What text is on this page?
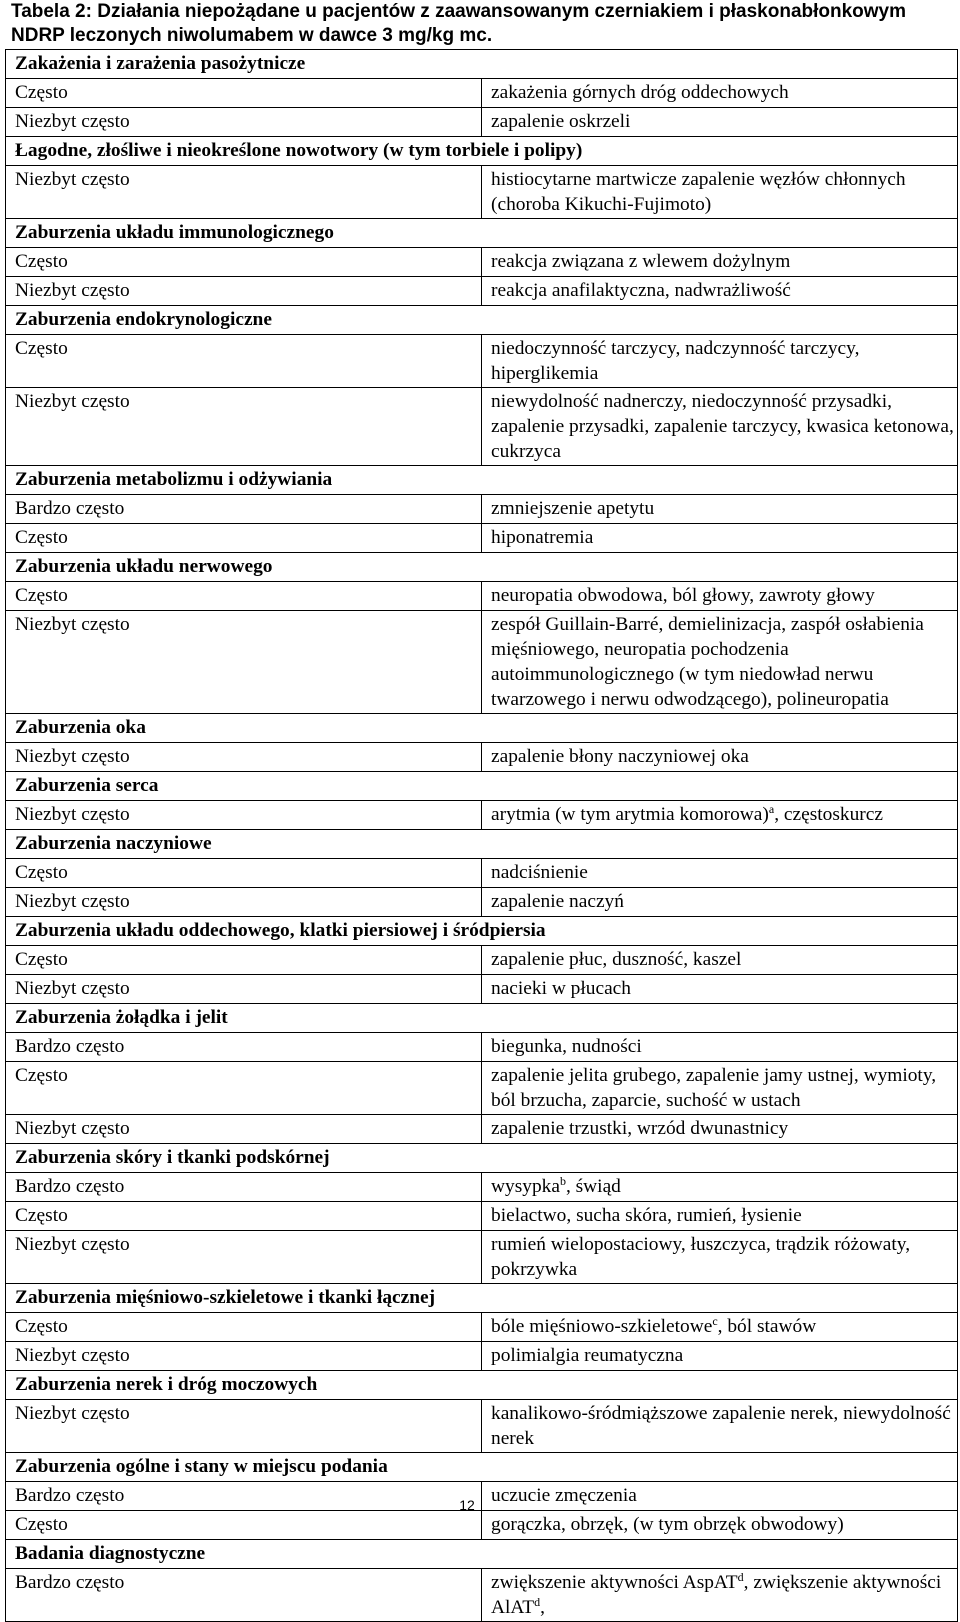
Tabela 2: Działania niepożądane u pacjentów z zaawansowanym czerniakiem i płaskonabłonkowym NDRP leczonych niwolumabem w dawce 3 mg/kg mc.
Zakażenia i zarażenia pasożytnicze	
Często	zakażenia górnych dróg oddechowych
Niezbyt często	zapalenie oskrzeli
Łagodne, złośliwe i nieokreślone nowotwory (w tym torbiele i polipy)	
Niezbyt często	histiocytarne martwicze zapalenie węzłów chłonnych (choroba Kikuchi-Fujimoto)
Zaburzenia układu immunologicznego	
Często	reakcja związana z wlewem dożylnym
Niezbyt często	reakcja anafilaktyczna, nadwrażliwość
Zaburzenia endokrynologiczne	
Często	niedoczynność tarczycy, nadczynność tarczycy, hiperglikemia
Niezbyt często	niewydolność nadnerczy, niedoczynność przysadki, zapalenie przysadki, zapalenie tarczycy, kwasica ketonowa, cukrzyca
Zaburzenia metabolizmu i odżywiania	
Bardzo często	zmniejszenie apetytu
Często	hiponatremia
Zaburzenia układu nerwowego	
Często	neuropatia obwodowa, ból głowy, zawroty głowy
Niezbyt często	zespół Guillain-Barré, demielinizacja, zaspół osłabienia mięśniowego, neuropatia pochodzenia autoimmunologicznego (w tym niedowład nerwu twarzowego i nerwu odwodzącego), polineuropatia
Zaburzenia oka	
Niezbyt często	zapalenie błony naczyniowej oka
Zaburzenia serca	
Niezbyt często	arytmia (w tym arytmia komorowa)$^a$, częstoskurcz
Zaburzenia naczyniowe	
Często	nadciśnienie
Niezbyt często	zapalenie naczyń
Zaburzenia układu oddechowego, klatki piersiowej i śródpiersia	
Często	zapalenie płuc, duszność, kaszel
Niezbyt często	nacieki w płucach
Zaburzenia żołądka i jelit	
Bardzo często	biegunka, nudności
Często	zapalenie jelita grubego, zapalenie jamy ustnej, wymioty, ból brzucha, zaparcie, suchość w ustach
Niezbyt często	zapalenie trzustki, wrzód dwunastnicy
Zaburzenia skóry i tkanki podskórnej	
Bardzo często	wysypka$^b$, świąd
Często	bielactwo, sucha skóra, rumień, łysienie
Niezbyt często	rumień wielopostaciowy, łuszczyca, trądzik różowaty, pokrzywka
Zaburzenia mięśniowo-szkieletowe i tkanki łącznej	
Często	bóle mięśniowo-szkieletowe$^c$, ból stawów
Niezbyt często	polimialgia reumatyczna
Zaburzenia nerek i dróg moczowych	
Niezbyt często	kanalikowo-śródmiąższowe zapalenie nerek, niewydolność nerek
Zaburzenia ogólne i stany w miejscu podania	
Bardzo często	uczucie zmęczenia
Często	gorączka, obrzęk, (w tym obrzęk obwodowy)
Badania diagnostyczne	
Bardzo często	zwiększenie aktywności AspAT$^d$, zwiększenie aktywności AlAT$^d$,
12
